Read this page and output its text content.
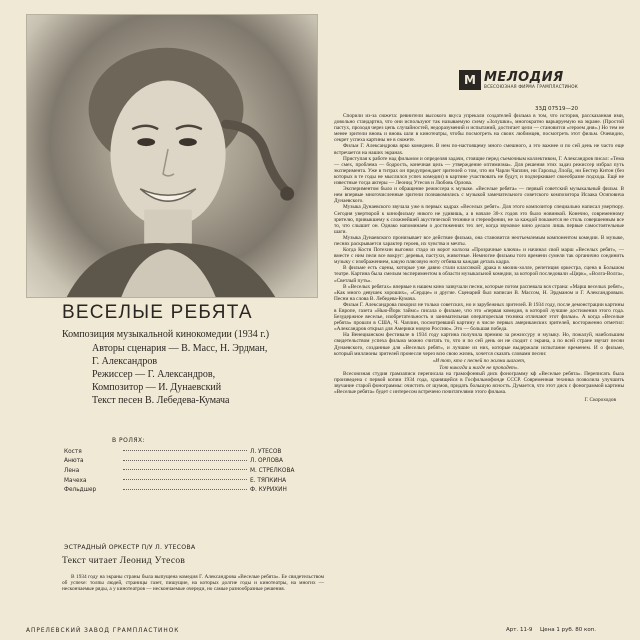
M МЕЛОДИЯ
ВСЕСОЮЗНАЯ ФИРМА ГРАМПЛАСТИНОК
33Д 07519—20

Спорили из-за сюжета: ревнители высокого вкуса упрекали создателей фильма в том, что история, рассказанная ими, довольно стандартна, что они используют так называемую схему «Золушки», многократно варьируемую на экране. (Простой пастух, проходя через цепь случайностей, недоразумений и испытаний, достигает цели — становится «героем дня».) Но тем не менее зрители вновь и вновь шли в кинотеатры, чтобы посмотреть на своих любимцев, посмотреть этот фильм. Очевидно, секрет успеха картины не в сюжете.

Фильм Г. Александрова ярко комедиен. В нем по-настоящему много смешного, а это важнее и по сей день не часто еще встречается на наших экранах.

Приступая к работе над фильмом и определяя задачи, стоящие перед съемочным коллективом, Г. Александров писал: «Тема — смех, проблема — бодрость, конечная цель — утверждение оптимизма». Для решения этих задач режиссер избрал путь эксперимента. Уже в титрах он предупреждает зрителей о том, что ни Чарли Чаплин, ни Гарольд Ллойд, ни Бестер Китон (без которых в те годы не мыслился успех комедии) в картине участвовать не будут, и подчеркивает своеобразие подхода. Ещё не известные тогда актеры — Леонид Утесов и Любовь Орлова.

Экспериментом было и обращение режиссера к музыке. «Веселые ребята» — первый советский музыкальный фильм. В нем впервые многочисленные зрители познакомились с музыкой замечательного советского композитора Исаака Осиповича Дунаевского.

Музыка Дунаевского звучала уже в первых кадрах «Веселых ребят». Для этого композитор специально написал увертюру. Сегодня увертюрой к кинофильму никого не удивишь, а в начале 30-х годов это было новинкой. Конечно, современному зрителю, привыкшему к сложнейшей акустической технике и стереофонии, не за каждой покажется не столь совершенным все то, что слышит он. Однако напоминаем о достижениях тех лет, когда звуковое кино делало лишь первые самостоятельные шаги.

Музыка Дунаевского пронизывает все действие фильма, она становится неотъемлемым компонентом комедии. В музыке, песнях раскрывается характер героев, их чувства и мечты.

Когда Костя Потехин выгонял стадо из ворот колхоза «Прозрачные ключи» и начинал свой марш «Веселых ребят», — вместе с ним пели все вокруг: деревья, пастухи, животные. Немногие фильмы того времени сумели так органично соединить музыку с изображением, какую плясовую ноту отбивала каждая деталь кадра.

В фильме есть сцены, которые уже давно стали классикой: драка в мюзик-холле, репетиция оркестра, сцена в Большом театре. Картина была смелым экспериментом в области музыкальной комедии, за которой последовали «Цирк», «Волга-Волга», «Светлый путь».

В «Веселых ребятах» впервые в нашем кино зазвучали песни, которые потом распевала вся страна: «Марш веселых ребят», «Как много девушек хороших», «Сердце» и другие. Сценарий был написан В. Массом, Н. Эрдманом и Г. Александровым. Песни на слова В. Лебедева-Кумача.

Фильм Г. Александрова покорил не только советских, но и зарубежных зрителей. В 1934 году, после демонстрации картины в Европе, газета «Нью-Йорк таймс» писала о фильме, что это «первая комедия, в которой лучшие достижения этого года. Безудержное веселье, изобретательность и занимательная оператореская техника отличают этот фильм». А когда «Веселые ребята» прошли в США, Ч. Чаплин, посмотревший картину в числе первых американских зрителей, восторженно отметил: «Александров открыл для Америки новую Россию». Это — большая победа.

На Венецианском фестивале в 1934 году картина получила премию за режиссуру и музыку. Но, пожалуй, наибольшим свидетельством успеха фильма можно считать то, что и по сей день он не сходит с экрана, а по всей стране звучат песни Дунаевского, созданные для «Веселых ребят», и лучшие из них, которые выдержали испытание временем. И о фильме, который миллионы зрителей пронесли через всю свою жизнь, хочется сказать словами песни:

«И тот, кто с песней по жизни шагает,

Тот никогда и нигде не пропадет».

Всесоюзная студия грамзаписи переписала на грамофонный диск фонограмму кф «Веселые ребята». Переписать была произведена с первой копии 1934 года, хранящейся в Госфильмофонде СССР. Современная техника позволила улучшить звучание старой фонограммы: очистить от шумов, придать большую ясность. Думается, что этот диск с фонограммой картины «Веселые ребята» будет с интересом встречено почитателями этого фильма.

Г. Скороходов
ВЕСЕЛЫЕ РЕБЯТА
Композиция музыкальной кинокомедии (1934 г.)
Авторы сценария — В. Масс, Н. Эрдман,
Г. Александров
Режиссер — Г. Александров,
Композитор — И. Дунаевский
Текст песен В. Лебедева-Кумача
В РОЛЯХ:
Костя	Л. УТЕСОВ
Анюта	Л. ОРЛОВА
Лена	М. СТРЕЛКОВА
Мачеха	Е. ТЯПКИНА
Фельдшер	Ф. КУРИХИН
ЭСТРАДНЫЙ ОРКЕСТР П/У Л. УТЕСОВА
Текст читает Леонид Утесов

В 1934 году на экраны страны была выпущена комедия Г. Александрова «Веселые ребята». Ее свидетельством об успехе: толпы людей, страницы газет, пишущие, на которых долгие годы и кинотеатры, на многих — нескончаемые ряды, а у кинотеатров — нескончаемые очереди, но самые разнообразные решения.

АПРЕЛЕВСКИЙ ЗАВОД ГРАМПЛАСТИНОК	Арт. 11-9 Цена 1 руб. 80 коп.
